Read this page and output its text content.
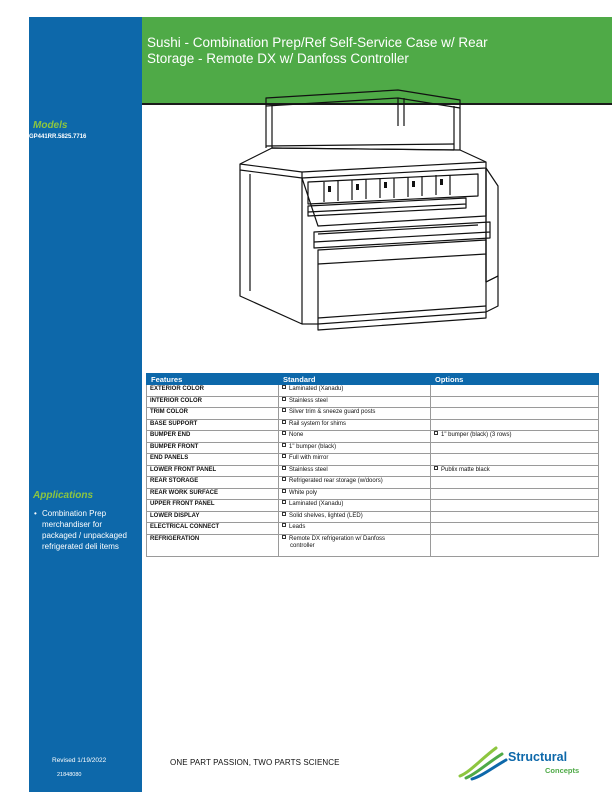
Sushi - Combination Prep/Ref Self-Service Case w/ Rear
Storage - Remote DX w/ Danfoss Controller
Models
GP441RR.5825.7716
Applications
• Combination Prep merchandiser for packaged / unpackaged refrigerated deli items
Features	Standard	Options
EXTERIOR COLOR	Laminated (Xanadu)	
INTERIOR COLOR	Stainless steel	
TRIM COLOR	Silver trim & sneeze guard posts	
BASE SUPPORT	Rail system for shims	
BUMPER END	None	1" bumper (black) (3 rows)
BUMPER FRONT	1" bumper (black)	
END PANELS	Full with mirror	
LOWER FRONT PANEL	Stainless steel	Publix matte black
REAR STORAGE	Refrigerated rear storage (w/doors)	
REAR WORK SURFACE	White poly	
UPPER FRONT PANEL	Laminated (Xanadu)	
LOWER DISPLAY	Solid shelves, lighted (LED)	
ELECTRICAL CONNECT	Leads	
REFRIGERATION	Remote DX refrigeration w/ Danfoss
controller	

Revised 1/19/2022
21848080
ONE PART PASSION, TWO PARTS SCIENCE	Structural
Concepts
